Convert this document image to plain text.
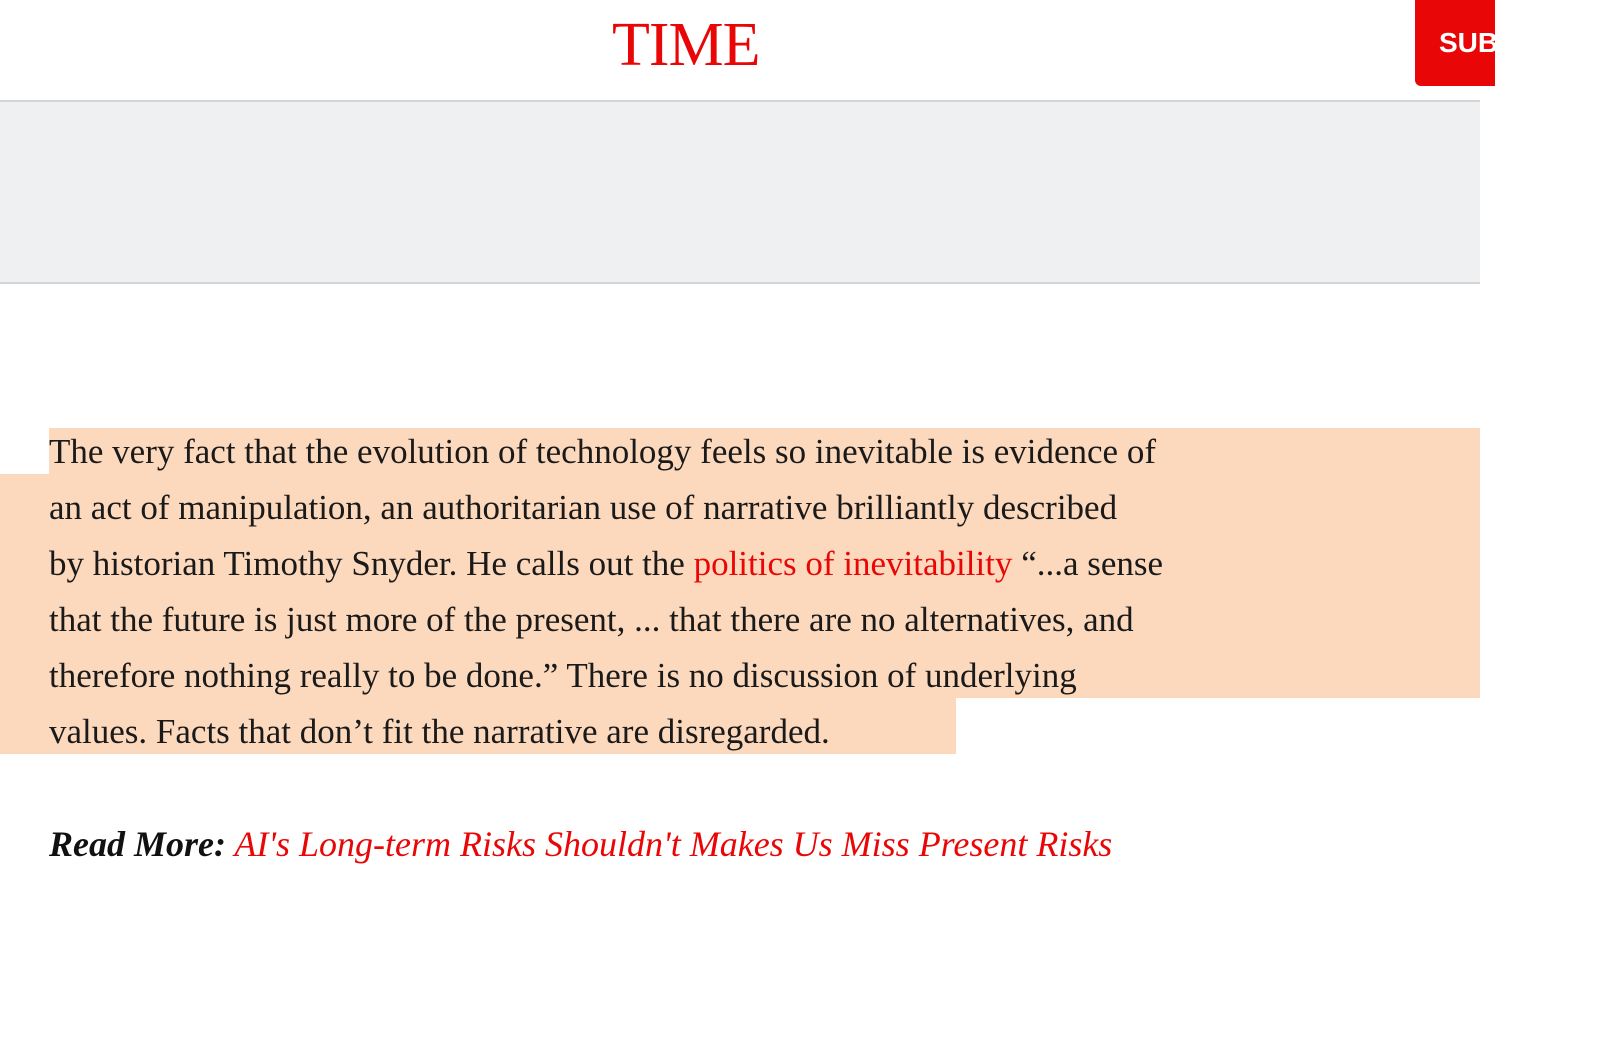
TIME	SUBSCRIBE

The very fact that the evolution of technology feels so inevitable is evidence of
an act of manipulation, an authoritarian use of narrative brilliantly described
by historian Timothy Snyder. He calls out the politics of inevitability “...a sense
that the future is just more of the present, ... that there are no alternatives, and
therefore nothing really to be done.” There is no discussion of underlying
values. Facts that don’t fit the narrative are disregarded.

Read More: AI's Long-term Risks Shouldn't Makes Us Miss Present Risks
